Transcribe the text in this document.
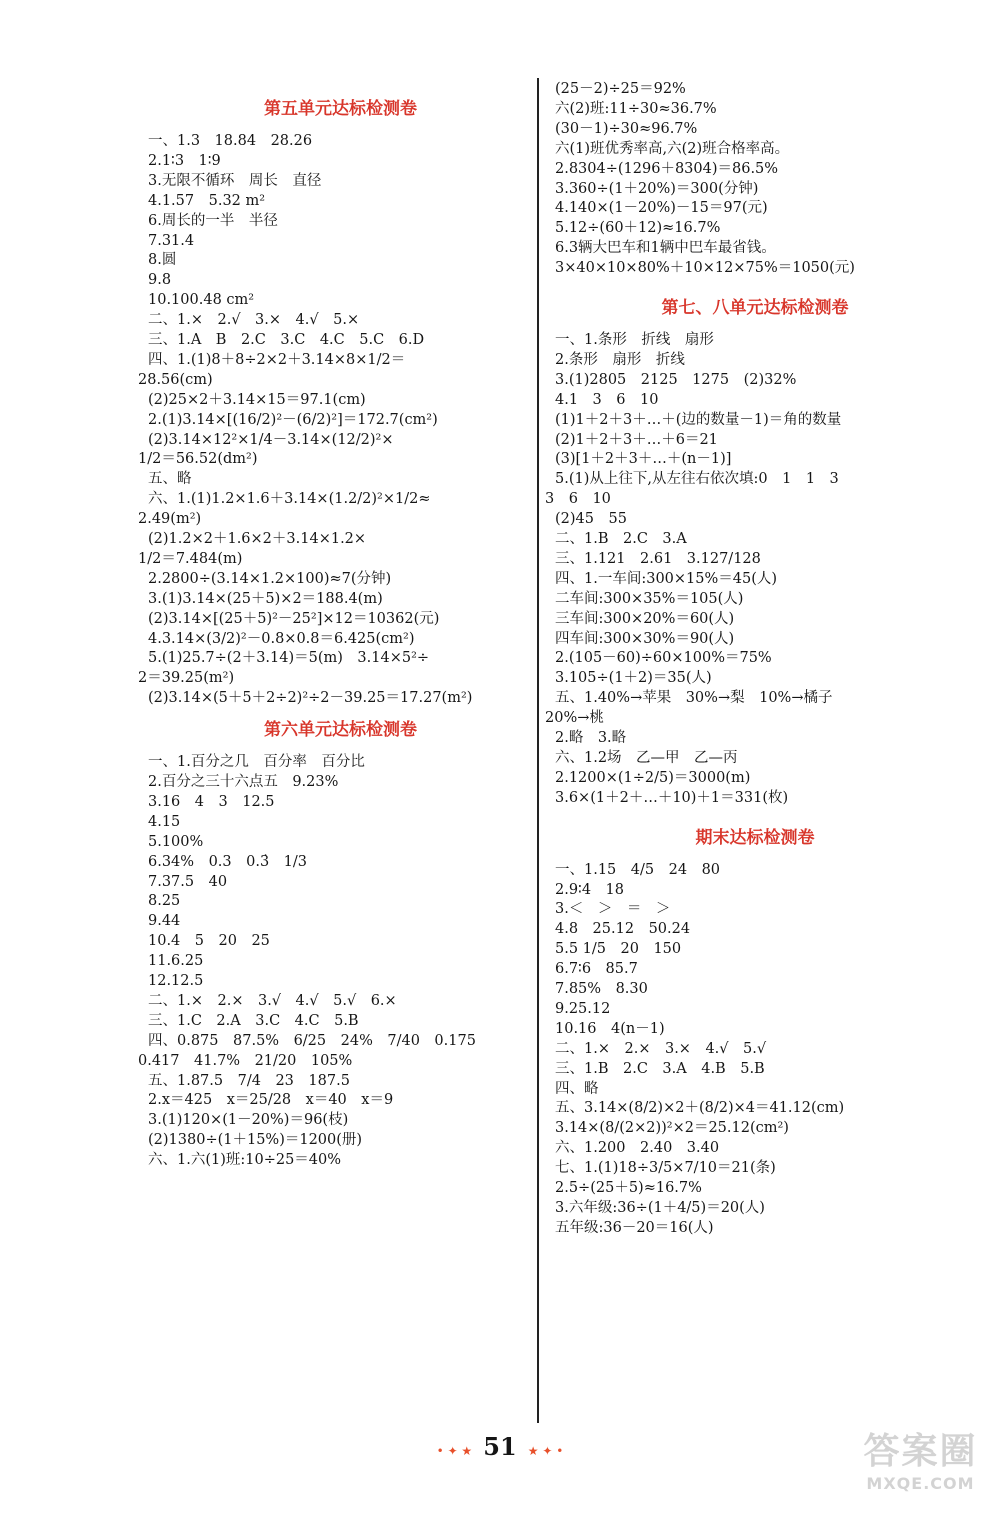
第五单元达标检测卷
一、1.3　18.84　28.26
2.1∶3　1∶9
3.无限不循环　周长　直径
4.1.57　5.32 m²
6.周长的一半　半径
7.31.4
8.圆
9.8
10.100.48 cm²
二、1.×　2.√　3.×　4.√　5.×
三、1.A　B　2.C　3.C　4.C　5.C　6.D
四、1.(1)8＋8÷2×2＋3.14×8×1/2＝
28.56(cm)
(2)25×2＋3.14×15＝97.1(cm)
2.(1)3.14×[(16/2)²－(6/2)²]＝172.7(cm²)
(2)3.14×12²×1/4－3.14×(12/2)²×
1/2＝56.52(dm²)
五、略
六、1.(1)1.2×1.6＋3.14×(1.2/2)²×1/2≈
2.49(m²)
(2)1.2×2＋1.6×2＋3.14×1.2×
1/2＝7.484(m)
2.2800÷(3.14×1.2×100)≈7(分钟)
3.(1)3.14×(25＋5)×2＝188.4(m)
(2)3.14×[(25＋5)²－25²]×12＝10362(元)
4.3.14×(3/2)²－0.8×0.8＝6.425(cm²)
5.(1)25.7÷(2＋3.14)＝5(m)　3.14×5²÷
2＝39.25(m²)
(2)3.14×(5＋5＋2÷2)²÷2－39.25＝17.27(m²)
第六单元达标检测卷
一、1.百分之几　百分率　百分比
2.百分之三十六点五　9.23%
3.16　4　3　12.5
4.15
5.100%
6.34%　0.3　0.3̇　1/3
7.37.5　40
8.25
9.44
10.4　5　20　25
11.6.25
12.12.5
二、1.×　2.×　3.√　4.√　5.√　6.×
三、1.C　2.A　3.C　4.C　5.B
四、0.875　87.5%　6/25　24%　7/40　0.175
0.417　41.7%　21/20　105%
五、1.87.5　7/4　23　187.5
2.x＝425　x＝25/28　x＝40　x＝9
3.(1)120×(1－20%)＝96(枝)
(2)1380÷(1＋15%)＝1200(册)
六、1.六(1)班:10÷25＝40%
(25－2)÷25＝92%
六(2)班:11÷30≈36.7%
(30－1)÷30≈96.7%
六(1)班优秀率高,六(2)班合格率高。
2.8304÷(1296＋8304)＝86.5%
3.360÷(1＋20%)＝300(分钟)
4.140×(1－20%)－15＝97(元)
5.12÷(60＋12)≈16.7%
6.3辆大巴车和1辆中巴车最省钱。
3×40×10×80%＋10×12×75%＝1050(元)
第七、八单元达标检测卷
一、1.条形　折线　扇形
2.条形　扇形　折线
3.(1)2805　2125　1275　(2)32%
4.1　3　6　10
(1)1＋2＋3＋…＋(边的数量－1)＝角的数量
(2)1＋2＋3＋…＋6＝21
(3)[1＋2＋3＋…＋(n－1)]
5.(1)从上往下,从左往右依次填:0　1　1　3
3　6　10
(2)45　55
二、1.B　2.C　3.A
三、1.121　2.61　3.127/128
四、1.一车间:300×15%＝45(人)
二车间:300×35%＝105(人)
三车间:300×20%＝60(人)
四车间:300×30%＝90(人)
2.(105－60)÷60×100%＝75%
3.105÷(1＋2)＝35(人)
五、1.40%→苹果　30%→梨　10%→橘子
20%→桃
2.略　3.略
六、1.2场　乙—甲　乙—丙
2.1200×(1÷2/5)＝3000(m)
3.6×(1＋2＋…＋10)＋1＝331(枚)
期末达标检测卷
一、1.15　4/5　24　80
2.9∶4　18
3.＜　＞　＝　＞
4.8　25.12　50.24
5.5 1/5　20　150
6.7∶6　85.7
7.85%　8.30
9.25.12
10.16　4(n－1)
二、1.×　2.×　3.×　4.√　5.√
三、1.B　2.C　3.A　4.B　5.B
四、略
五、3.14×(8/2)×2＋(8/2)×4＝41.12(cm)
3.14×(8/(2×2))²×2＝25.12(cm²)
六、1.200　2.40　3.40
七、1.(1)18÷3/5×7/10＝21(条)
2.5÷(25＋5)≈16.7%
3.六年级:36÷(1＋4/5)＝20(人)
五年级:36－20＝16(人)
• ✦ ★ 51 ★ ✦ •	答案圈
MXQE.COM
